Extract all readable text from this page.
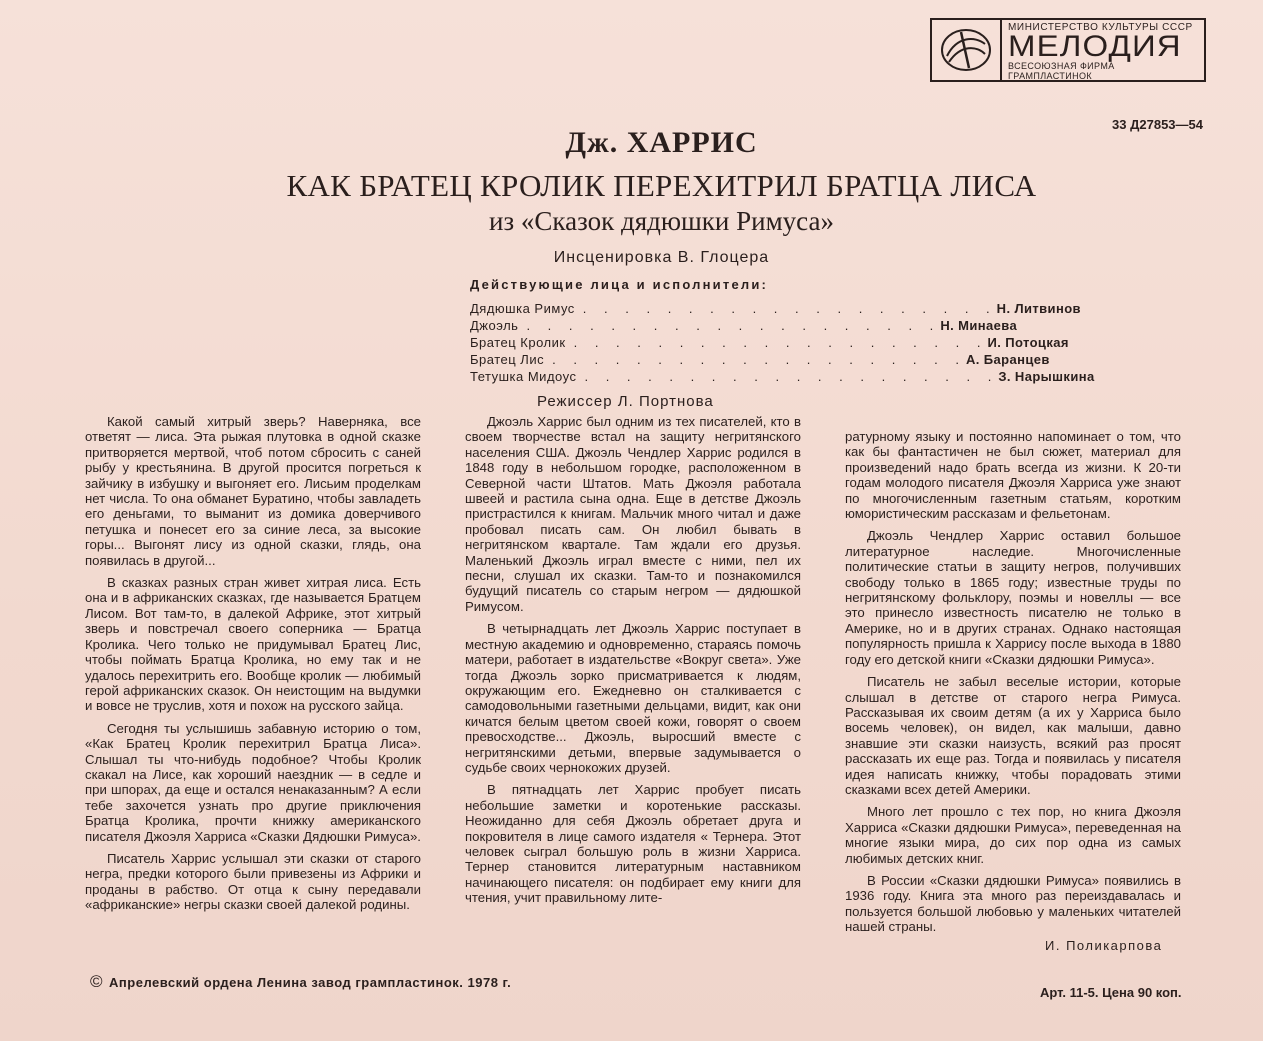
МИНИСТЕРСТВО КУЛЬТУРЫ СССР
МЕЛОДИЯ
ВСЕСОЮЗНАЯ ФИРМА ГРАМПЛАСТИНОК
33 Д27853—54
Дж. ХАРРИС
КАК БРАТЕЦ КРОЛИК ПЕРЕХИТРИЛ БРАТЦА ЛИСА
из «Сказок дядюшки Римуса»
Инсценировка В. Глоцера
Действующие лица и исполнители:
Дядюшка Римус . . . . . . . . . . . . . . . . . . . . Н. Литвинов
Джоэль . . . . . . . . . . . . . . . . . . . . Н. Минаева
Братец Кролик . . . . . . . . . . . . . . . . . . . . И. Потоцкая
Братец Лис . . . . . . . . . . . . . . . . . . . . А. Баранцев
Тетушка Мидоус . . . . . . . . . . . . . . . . . . . . З. Нарышкина
Режиссер Л. Портнова

Какой самый хитрый зверь? Наверняка, все ответят — лиса. Эта рыжая плутовка в одной сказке притворяется мертвой, чтоб потом сбросить с саней рыбу у крестьянина. В другой просится погреться к зайчику в избушку и выгоняет его. Лисьим проделкам нет числа. То она обманет Буратино, чтобы завладеть его деньгами, то выманит из домика доверчивого петушка и понесет его за синие леса, за высокие горы... Выгонят лису из одной сказки, глядь, она появилась в другой...

В сказках разных стран живет хитрая лиса. Есть она и в африканских сказках, где называется Братцем Лисом. Вот там-то, в далекой Африке, этот хитрый зверь и повстречал своего соперника — Братца Кролика. Чего только не придумывал Братец Лис, чтобы поймать Братца Кролика, но ему так и не удалось перехитрить его. Вообще кролик — любимый герой африканских сказок. Он неистощим на выдумки и вовсе не труслив, хотя и похож на русского зайца.

Сегодня ты услышишь забавную историю о том, «Как Братец Кролик перехитрил Братца Лиса». Слышал ты что-нибудь подобное? Чтобы Кролик скакал на Лисе, как хороший наездник — в седле и при шпорах, да еще и остался ненаказанным? А если тебе захочется узнать про другие приключения Братца Кролика, прочти книжку американского писателя Джоэля Харриса «Сказки Дядюшки Римуса».

Писатель Харрис услышал эти сказки от старого негра, предки которого были привезены из Африки и проданы в рабство. От отца к сыну передавали «африканские» негры сказки своей далекой родины.

Джоэль Харрис был одним из тех писателей, кто в своем творчестве встал на защиту негритянского населения США. Джоэль Чендлер Харрис родился в 1848 году в небольшом городке, расположенном в Северной части Штатов. Мать Джоэля работала швеей и растила сына одна. Еще в детстве Джоэль пристрастился к книгам. Мальчик много читал и даже пробовал писать сам. Он любил бывать в негритянском квартале. Там ждали его друзья. Маленький Джоэль играл вместе с ними, пел их песни, слушал их сказки. Там-то и познакомился будущий писатель со старым негром — дядюшкой Римусом.

В четырнадцать лет Джоэль Харрис поступает в местную академию и одновременно, стараясь помочь матери, работает в издательстве «Вокруг света». Уже тогда Джоэль зорко присматривается к людям, окружающим его. Ежедневно он сталкивается с самодовольными газетными дельцами, видит, как они кичатся белым цветом своей кожи, говорят о своем превосходстве... Джоэль, выросший вместе с негритянскими детьми, впервые задумывается о судьбе своих чернокожих друзей.

В пятнадцать лет Харрис пробует писать небольшие заметки и коротенькие рассказы. Неожиданно для себя Джоэль обретает друга и покровителя в лице самого издателя « Тернера. Этот человек сыграл большую роль в жизни Харриса. Тернер становится литературным наставником начинающего писателя: он подбирает ему книги для чтения, учит правильному лите-

ратурному языку и постоянно напоминает о том, что как бы фантастичен не был сюжет, материал для произведений надо брать всегда из жизни. К 20-ти годам молодого писателя Джоэля Харриса уже знают по многочисленным газетным статьям, коротким юмористическим рассказам и фельетонам.

Джоэль Чендлер Харрис оставил большое литературное наследие. Многочисленные политические статьи в защиту негров, получивших свободу только в 1865 году; известные труды по негритянскому фольклору, поэмы и новеллы — все это принесло известность писателю не только в Америке, но и в других странах. Однако настоящая популярность пришла к Харрису после выхода в 1880 году его детской книги «Сказки дядюшки Римуса».

Писатель не забыл веселые истории, которые слышал в детстве от старого негра Римуса. Рассказывая их своим детям (а их у Харриса было восемь человек), он видел, как малыши, давно знавшие эти сказки наизусть, всякий раз просят рассказать их еще раз. Тогда и появилась у писателя идея написать книжку, чтобы порадовать этими сказками всех детей Америки.

Много лет прошло с тех пор, но книга Джоэля Харриса «Сказки дядюшки Римуса», переведенная на многие языки мира, до сих пор одна из самых любимых детских книг.

В России «Сказки дядюшки Римуса» появились в 1936 году. Книга эта много раз переиздавалась и пользуется большой любовью у маленьких читателей нашей страны.

И. Поликарпова
© Апрелевский ордена Ленина завод грампластинок. 1978 г.
Арт. 11-5. Цена 90 коп.
